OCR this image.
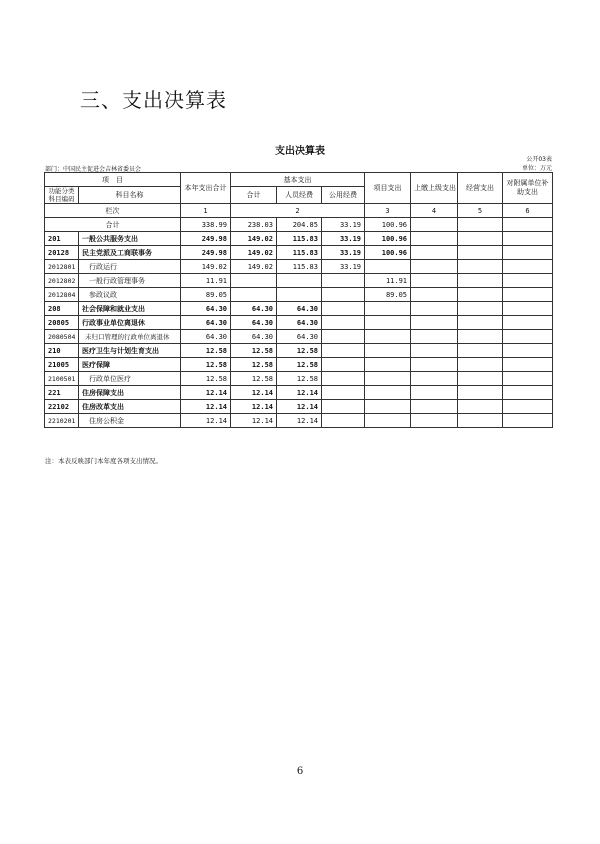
三、支出决算表
支出决算表
公开03表
部门：中国民主促进会吉林省委员会	单位：万元
项　目		本年支出合计	基本支出			项目支出	上缴上级支出	经营支出	对附属单位补助支出
功能分类
科目编码	科目名称								
			合计	人员经费	公用经费				
栏次		1	2			3	4	5	6
合计		338.99	238.03	204.85	33.19	100.96			
201	一般公共服务支出	249.98	149.02	115.83	33.19	100.96			
20128	民主党派及工商联事务	249.98	149.02	115.83	33.19	100.96			
2012801	行政运行	149.02	149.02	115.83	33.19				
2012802	一般行政管理事务	11.91				11.91			
2012804	参政议政	89.05				89.05			
208	社会保障和就业支出	64.30	64.30	64.30					
20805	行政事业单位离退休	64.30	64.30	64.30					
2080504	未归口管理的行政单位离退休	64.30	64.30	64.30					
210	医疗卫生与计划生育支出	12.58	12.58	12.58					
21005	医疗保障	12.58	12.58	12.58					
2100501	行政单位医疗	12.58	12.58	12.58					
221	住房保障支出	12.14	12.14	12.14					
22102	住房改革支出	12.14	12.14	12.14					
2210201	住房公积金	12.14	12.14	12.14					
注：本表反映部门本年度各项支出情况。
6
